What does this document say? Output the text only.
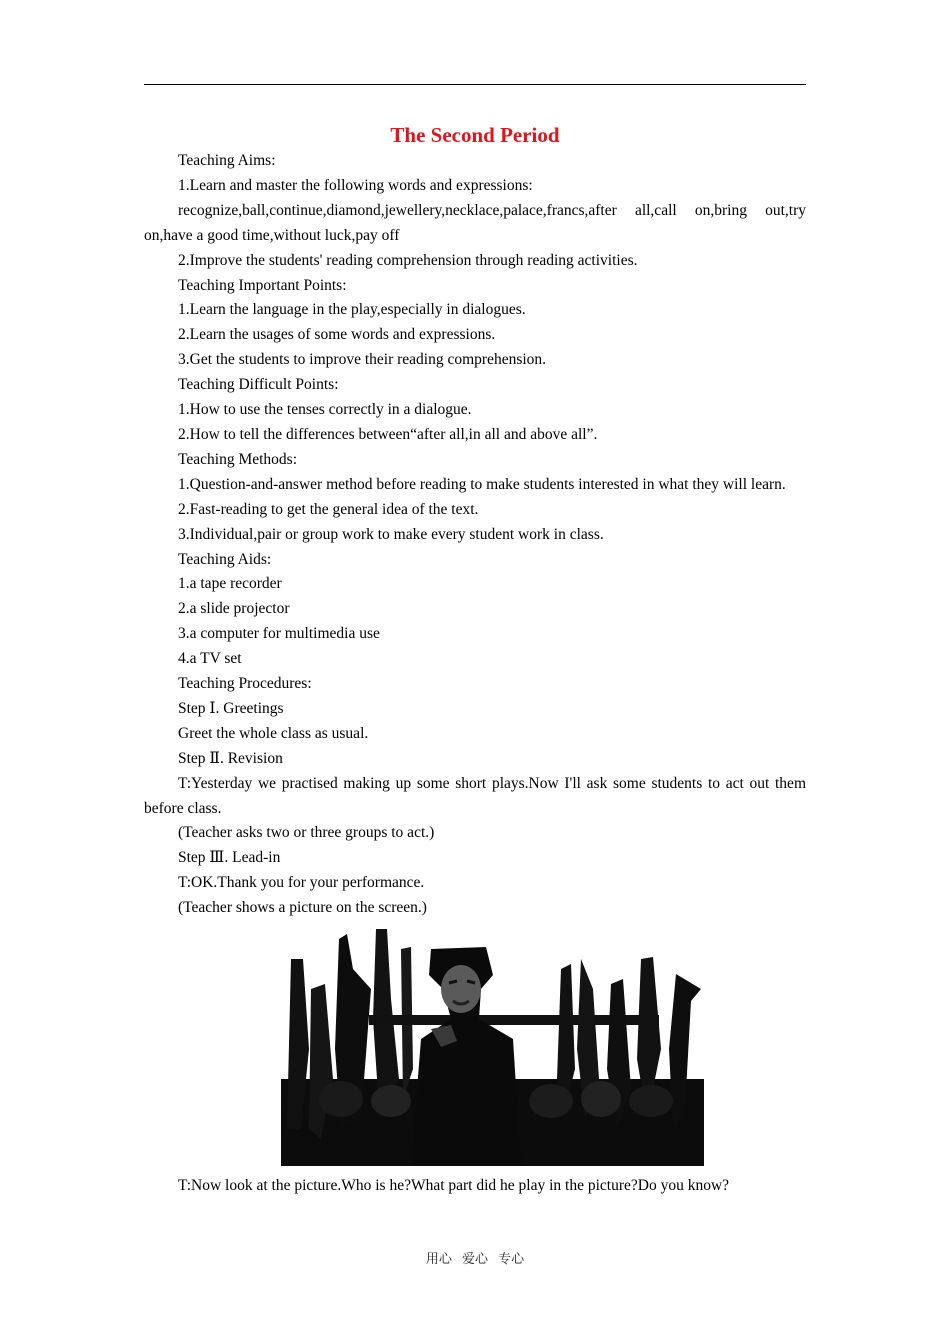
The Second Period

Teaching Aims:

1.Learn and master the following words and expressions:

recognize,ball,continue,diamond,jewellery,necklace,palace,francs,after all,call on,bring out,try on,have a good time,without luck,pay off

2.Improve the students' reading comprehension through reading activities.

Teaching Important Points:

1.Learn the language in the play,especially in dialogues.

2.Learn the usages of some words and expressions.

3.Get the students to improve their reading comprehension.

Teaching Difficult Points:

1.How to use the tenses correctly in a dialogue.

2.How to tell the differences between“after all,in all and above all”.

Teaching Methods:

1.Question-and-answer method before reading to make students interested in what they will learn.

2.Fast-reading to get the general idea of the text.

3.Individual,pair or group work to make every student work in class.

Teaching Aids:

1.a tape recorder

2.a slide projector

3.a computer for multimedia use

4.a TV set

Teaching Procedures:

Step Ⅰ. Greetings

Greet the whole class as usual.

Step Ⅱ. Revision

T:Yesterday we practised making up some short plays.Now I'll ask some students to act out them before class.

(Teacher asks two or three groups to act.)

Step Ⅲ. Lead-in

T:OK.Thank you for your performance.

(Teacher shows a picture on the screen.)

T:Now look at the picture.Who is he?What part did he play in the picture?Do you know?

用心 爱心 专心
